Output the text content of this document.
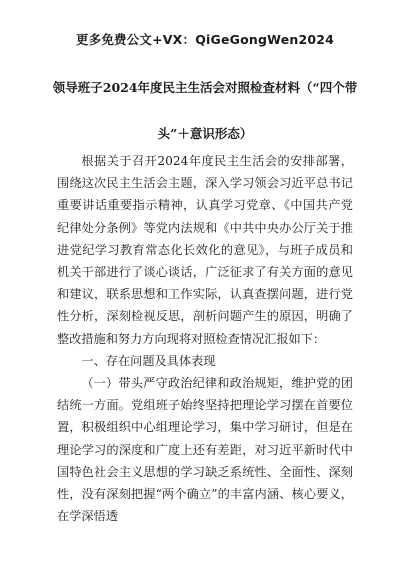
更多免费公文+VX：QiGeGongWen2024
领导班子2024年度民主生活会对照检查材料（“四个带
头”＋意识形态）

根据关于召开2024年度民主生活会的安排部署，围绕这次民主生活会主题，深入学习领会习近平总书记重要讲话重要指示精神，认真学习党章、《中国共产党纪律处分条例》等党内法规和《中共中央办公厅关于推进党纪学习教育常态化长效化的意见》，与班子成员和机关干部进行了谈心谈话，广泛征求了有关方面的意见和建议，联系思想和工作实际，认真查摆问题，进行党性分析，深刻检视反思，剖析问题产生的原因，明确了整改措施和努力方向现将对照检查情况汇报如下：

一、存在问题及具体表现

（一）带头严守政治纪律和政治规矩，维护党的团结统一方面。党组班子始终坚持把理论学习摆在首要位置，积极组织中心组理论学习，集中学习研讨，但是在理论学习的深度和广度上还有差距，对习近平新时代中国特色社会主义思想的学习缺乏系统性、全面性、深刻性，没有深刻把握“两个确立”的丰富内涵、核心要义，在学深悟透
